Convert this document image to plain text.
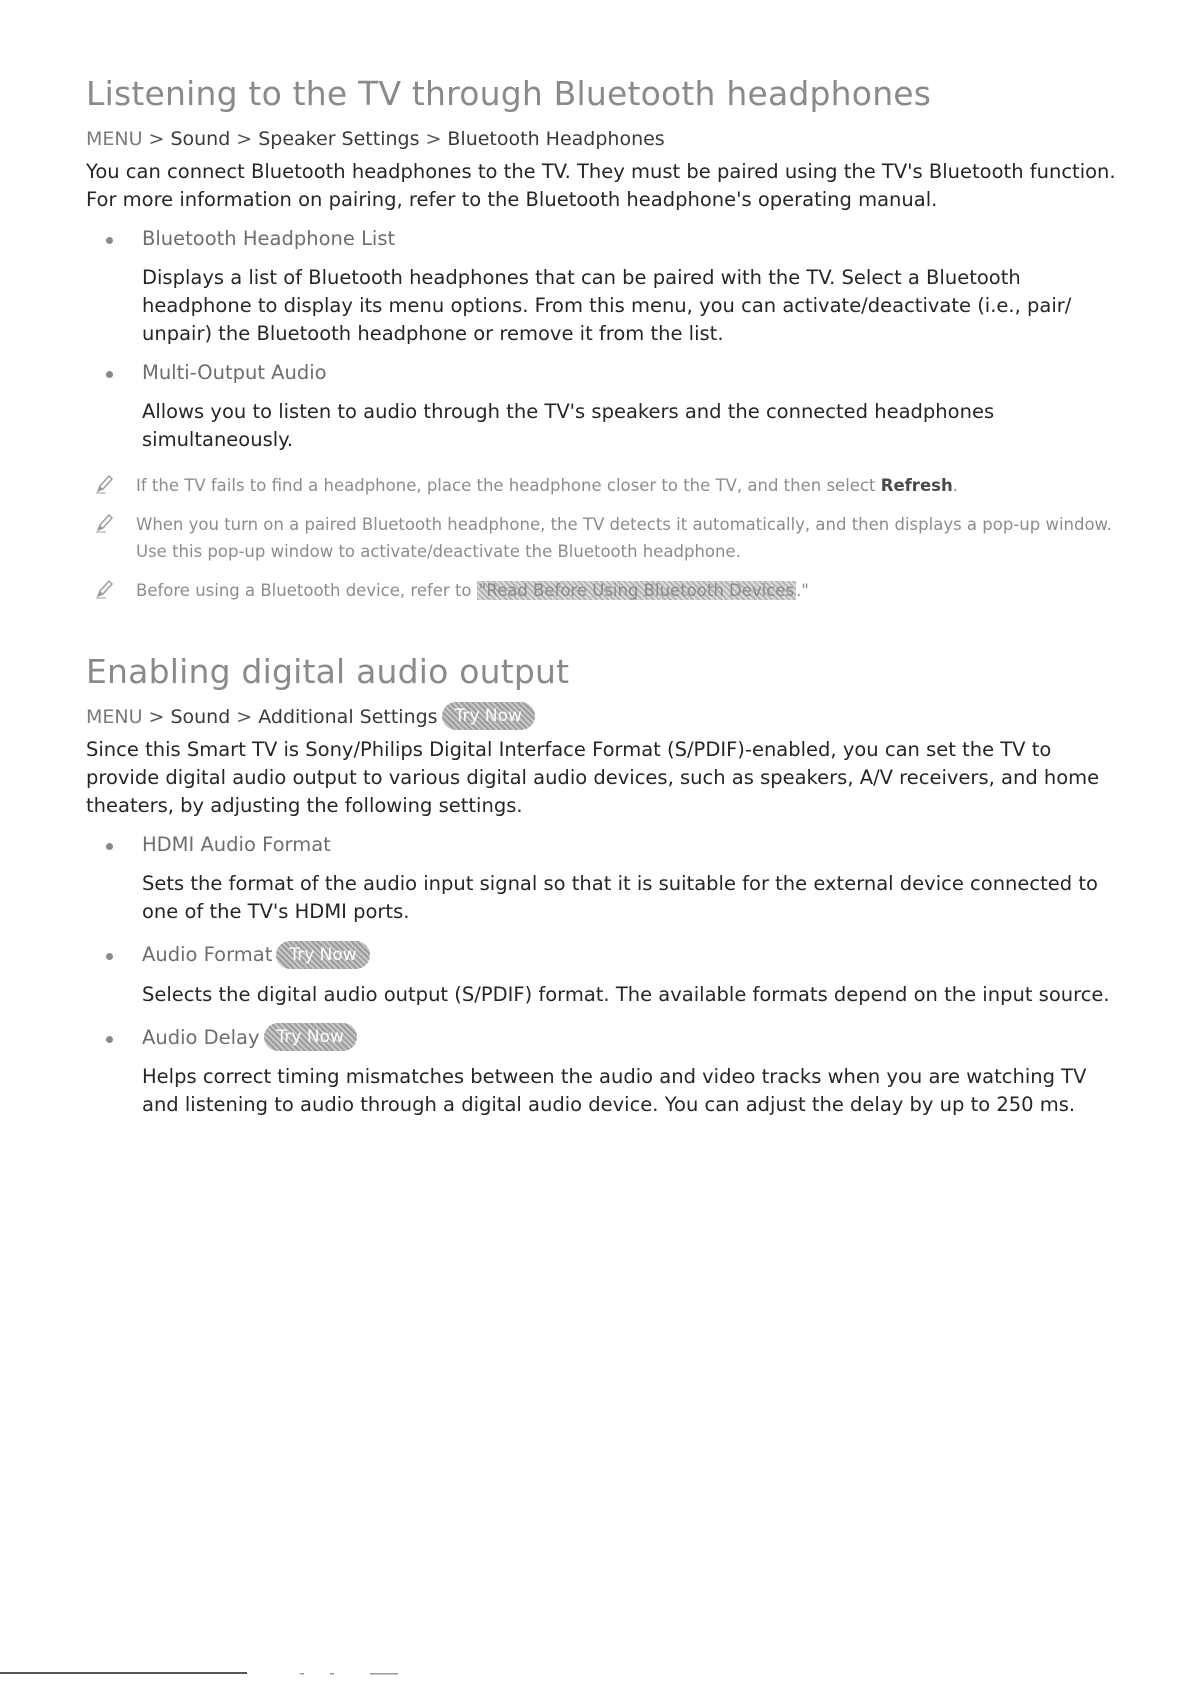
Listening to the TV through Bluetooth headphones
MENU > Sound > Speaker Settings > Bluetooth Headphones

You can connect Bluetooth headphones to the TV. They must be paired using the TV's Bluetooth function. For more information on pairing, refer to the Bluetooth headphone's operating manual.

Bluetooth Headphone List

Displays a list of Bluetooth headphones that can be paired with the TV. Select a Bluetooth headphone to display its menu options. From this menu, you can activate/deactivate (i.e., pair/ unpair) the Bluetooth headphone or remove it from the list.

Multi-Output Audio

Allows you to listen to audio through the TV's speakers and the connected headphones simultaneously.

If the TV fails to find a headphone, place the headphone closer to the TV, and then select Refresh.
When you turn on a paired Bluetooth headphone, the TV detects it automatically, and then displays a pop-up window. Use this pop-up window to activate/deactivate the Bluetooth headphone.
Before using a Bluetooth device, refer to "Read Before Using Bluetooth Devices ."
Enabling digital audio output
MENU > Sound > Additional Settings Try Now

Since this Smart TV is Sony/Philips Digital Interface Format (S/PDIF)-enabled, you can set the TV to provide digital audio output to various digital audio devices, such as speakers, A/V receivers, and home theaters, by adjusting the following settings.

HDMI Audio Format

Sets the format of the audio input signal so that it is suitable for the external device connected to one of the TV's HDMI ports.

Audio Format Try Now

Selects the digital audio output (S/PDIF) format. The available formats depend on the input source.

Audio Delay Try Now

Helps correct timing mismatches between the audio and video tracks when you are watching TV and listening to audio through a digital audio device. You can adjust the delay by up to 250 ms.
